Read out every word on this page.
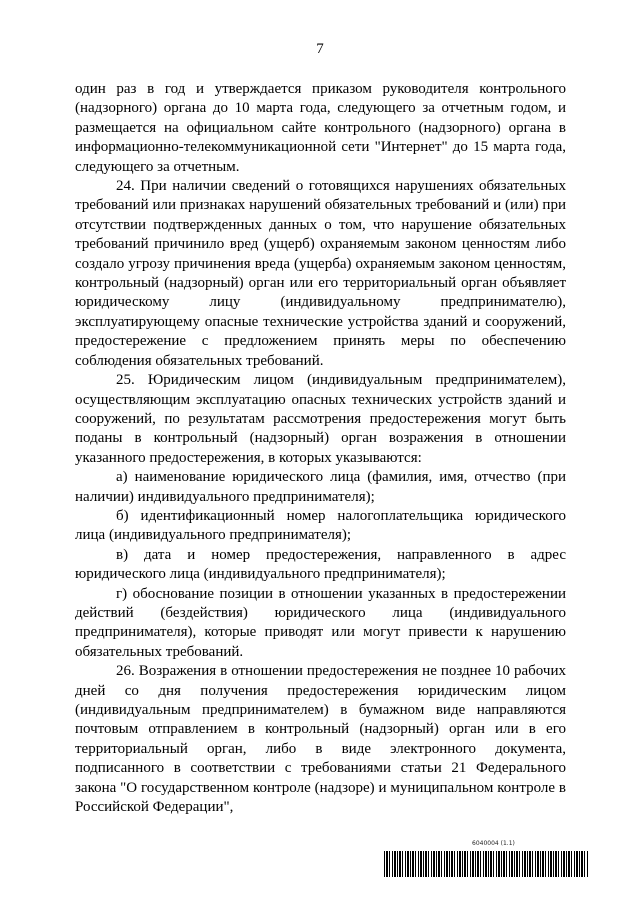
7

один раз в год и утверждается приказом руководителя контрольного (надзорного) органа до 10 марта года, следующего за отчетным годом, и размещается на официальном сайте контрольного (надзорного) органа в информационно-телекоммуникационной сети "Интернет" до 15 марта года, следующего за отчетным.

24. При наличии сведений о готовящихся нарушениях обязательных требований или признаках нарушений обязательных требований и (или) при отсутствии подтвержденных данных о том, что нарушение обязательных требований причинило вред (ущерб) охраняемым законом ценностям либо создало угрозу причинения вреда (ущерба) охраняемым законом ценностям, контрольный (надзорный) орган или его территориальный орган объявляет юридическому лицу (индивидуальному предпринимателю), эксплуатирующему опасные технические устройства зданий и сооружений, предостережение с предложением принять меры по обеспечению соблюдения обязательных требований.

25. Юридическим лицом (индивидуальным предпринимателем), осуществляющим эксплуатацию опасных технических устройств зданий и сооружений, по результатам рассмотрения предостережения могут быть поданы в контрольный (надзорный) орган возражения в отношении указанного предостережения, в которых указываются:

а) наименование юридического лица (фамилия, имя, отчество (при наличии) индивидуального предпринимателя);

б) идентификационный номер налогоплательщика юридического лица (индивидуального предпринимателя);

в) дата и номер предостережения, направленного в адрес юридического лица (индивидуального предпринимателя);

г) обоснование позиции в отношении указанных в предостережении действий (бездействия) юридического лица (индивидуального предпринимателя), которые приводят или могут привести к нарушению обязательных требований.

26. Возражения в отношении предостережения не позднее 10 рабочих дней со дня получения предостережения юридическим лицом (индивидуальным предпринимателем) в бумажном виде направляются почтовым отправлением в контрольный (надзорный) орган или в его территориальный орган, либо в виде электронного документа, подписанного в соответствии с требованиями статьи 21 Федерального закона "О государственном контроле (надзоре) и муниципальном контроле в Российской Федерации",

6040004 (1.1)
